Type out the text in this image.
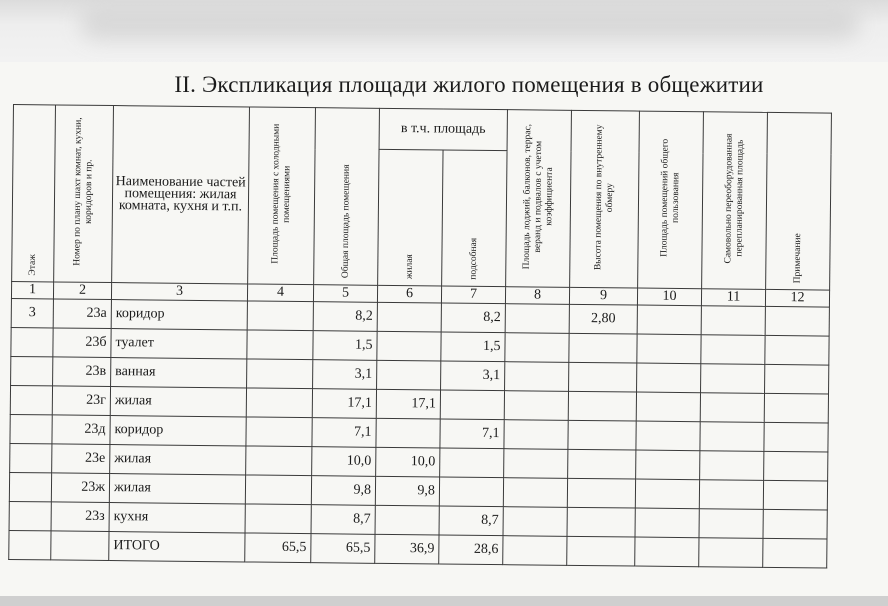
II. Экспликация площади жилого помещения в общежитии
Этаж	Номер по плану шахт комнат, кухни, коридоров и пр.	Наименование частей помещения: жилая комната, кухня и т.п.	Площадь помещения с холодными помещениями	Общая площадь помещения	в т.ч. площадь		Площадь лоджий, балконов, террас, веранд и подвалов с учетом коэффициента	Высота помещения по внутреннему обмеру	Площадь помещений общего пользования	Самовольно переоборудованная перепланированная площадь	Примечание

					жилая	подсобная					

1	2	3	4	5	6	7	8	9	10	11	12
3	23а	коридор		8,2		8,2		2,80			
	23б	туалет		1,5		1,5					
	23в	ванная		3,1		3,1					
	23г	жилая		17,1	17,1						
	23д	коридор		7,1		7,1					
	23е	жилая		10,0	10,0						
	23ж	жилая		9,8	9,8						
	23з	кухня		8,7		8,7					
		ИТОГО	65,5	65,5	36,9	28,6					
